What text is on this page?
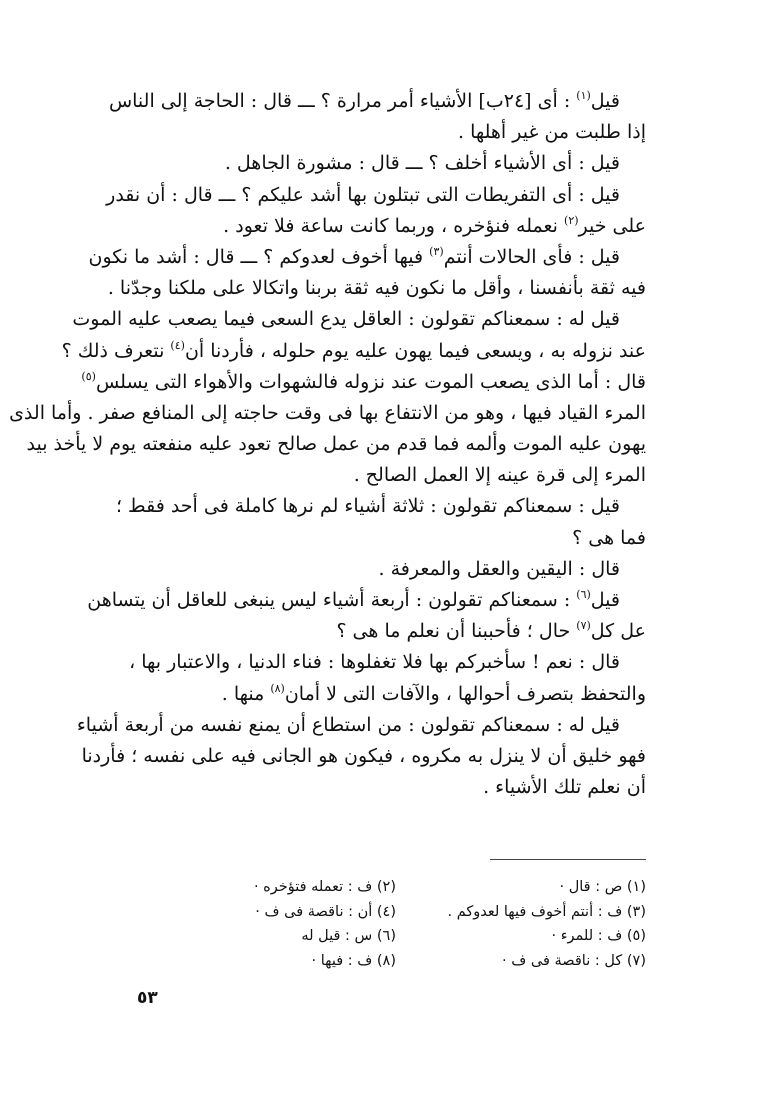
قيل$^{(١)}$ : أى [٢٤ب] الأشياء أمر مرارة ؟ ـــ قال : الحاجة إلى الناس
إذا طلبت من غير أهلها .
قيل : أى الأشياء أخلف ؟ ـــ قال : مشورة الجاهل .
قيل : أى التفريطات التى تبتلون بها أشد عليكم ؟ ـــ قال : أن نقدر
على خير$^{(٢)}$ نعمله فنؤخره ، وربما كانت ساعة فلا تعود .
قيل : فأى الحالات أنتم$^{(٣)}$ فيها أخوف لعدوكم ؟ ـــ قال : أشد ما نكون
فيه ثقة بأنفسنا ، وأقل ما نكون فيه ثقة بربنا واتكالا على ملكنا وجدّنا .
قيل له : سمعناكم تقولون : العاقل يدع السعى فيما يصعب عليه الموت
عند نزوله به ، ويسعى فيما يهون عليه يوم حلوله ، فأردنا أن$^{(٤)}$ نتعرف ذلك ؟
قال : أما الذى يصعب الموت عند نزوله فالشهوات والأهواء التى يسلس$^{(٥)}$
المرء القياد فيها ، وهو من الانتفاع بها فى وقت حاجته إلى المنافع صفر . وأما الذى
يهون عليه الموت وألمه فما قدم من عمل صالح تعود عليه منفعته يوم لا يأخذ بيد
المرء إلى قرة عينه إلا العمل الصالح .
قيل : سمعناكم تقولون : ثلاثة أشياء لم نرها كاملة فى أحد فقط ؛
فما هى ؟
قال : اليقين والعقل والمعرفة .
قيل$^{(٦)}$ : سمعناكم تقولون : أربعة أشياء ليس ينبغى للعاقل أن يتساهن
عل كل$^{(٧)}$ حال ؛ فأحببنا أن نعلم ما هى ؟
قال : نعم ! سأخبركم بها فلا تغفلوها : فناء الدنيا ، والاعتبار بها ،
والتحفظ بتصرف أحوالها ، والآفات التى لا أمان$^{(٨)}$ منها .
قيل له : سمعناكم تقولون : من استطاع أن يمنع نفسه من أربعة أشياء
فهو خليق أن لا ينزل به مكروه ، فيكون هو الجانى فيه على نفسه ؛ فأردنا
أن نعلم تلك الأشياء .
(١) ص : قال ·
(٢) ف : تعمله فتؤخره ·
(٣) ف : أنتم أخوف فيها لعدوكم .
(٤) أن : ناقصة فى ف ·
(٥) ف : للمرء ·
(٦) س : قيل له
(٧) كل : ناقصة فى ف ·
(٨) ف : فيها ·
٥٣
